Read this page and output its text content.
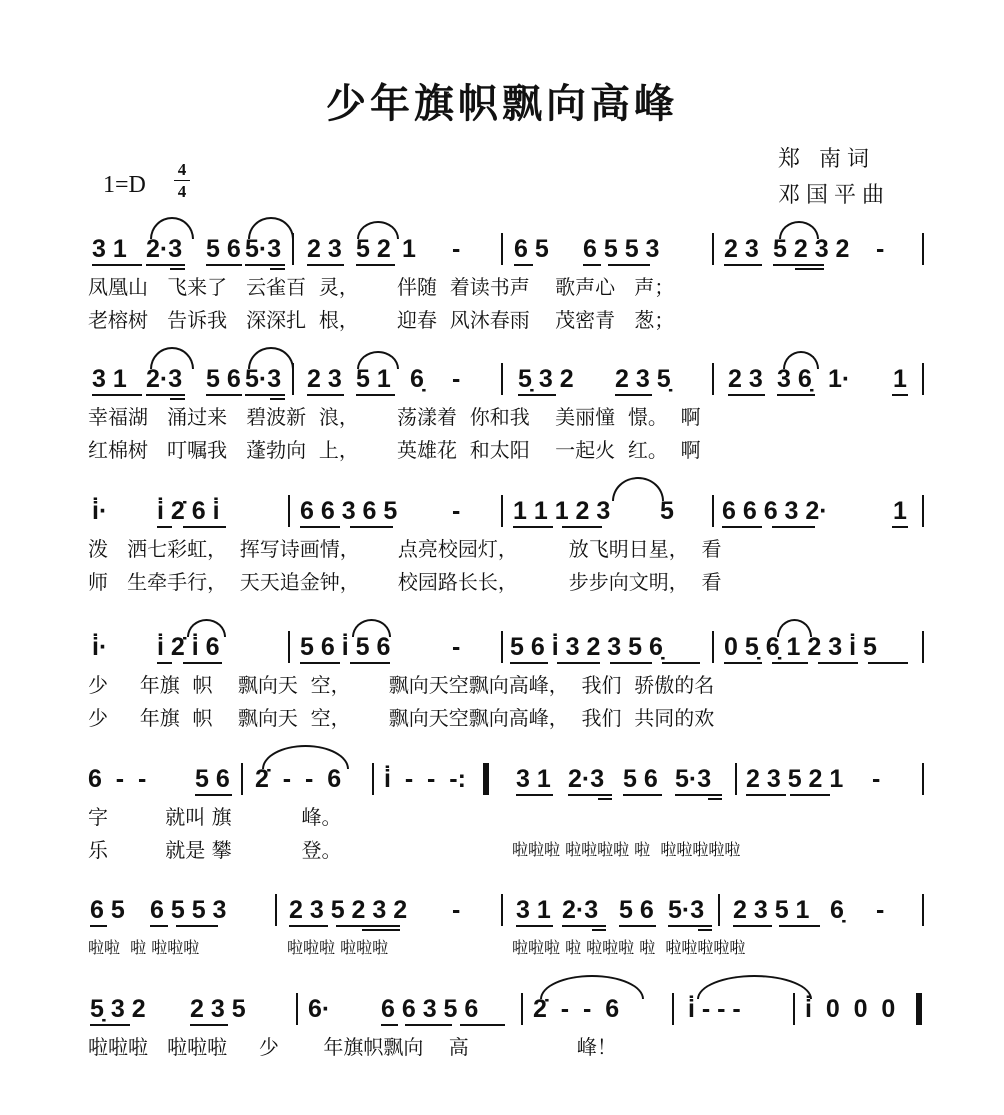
少年旗帜飘向高峰
1=D
4
4
郑 南词
邓国平曲
3 1 2·3 5 6 5·3 2 3 5 2 1 - 6 5 6 5 5 3	2 3 5 2 3 2 -
凤凰山   飞来了   云雀百  灵，      伴随  着读书声    歌声心   声；
老榕树   告诉我   深深扎  根，      迎春  风沐春雨    茂密青   葱；
3 1 2·3 5 6 5·3 2 3 5 1 6̣ - 5̣ 3 2 2 3 5̣ 2 3 3 6̣ 1· 1
幸福湖   涌过来   碧波新  浪，      荡漾着  你和我    美丽憧  憬。  啊
红棉树   叮嘱我   蓬勃向  上，      英雄花  和太阳    一起火  红。  啊
i̇· i̇ 2̇ 6 i̇	6 6 3 6 5 - 1 1 1 2 3 5 6 6 6 3 2·	1
泼   洒七彩虹，  挥写诗画情，      点亮校园灯，        放飞明日星，  看
师   生牵手行，  天天追金钟，      校园路长长，        步步向文明，  看
i̇· i̇ 2̇ i̇ 6	5 6 i̇ 5 6 - 5 6 i̇ 3 2 3 5 6̣ 0 5̣ 6̣ 1 2 3 i̇ 5
少     年旗  帜    飘向天  空，      飘向天空飘向高峰，  我们  骄傲的名
少     年旗  帜    飘向天  空，      飘向天空飘向高峰，  我们  共同的欢
6  -  - 5 6 2̇  -  -  6 i̇  -  -  -: 3 1 2·3 5 6 5·3 2 3 5 2 1 -
字         就叫 旗           峰。
乐         就是 攀           登。	啦啦啦 啦啦啦啦 啦  啦啦啦啦啦
6 5 6 5 5 3	2 3 5 2 3 2 - 3 1 2·3 5 6 5·3 2 3 5 1 6̣ -
啦啦  啦 啦啦啦	啦啦啦 啦啦啦	啦啦啦 啦 啦啦啦 啦  啦啦啦啦啦
5̣ 3 2 2 3 5 6· 6 6 3 5 6 2̇  -  -  6	i̇ - - -	i̇  0  0  0
啦啦啦   啦啦啦     少       年旗帜飘向    高                 峰！
